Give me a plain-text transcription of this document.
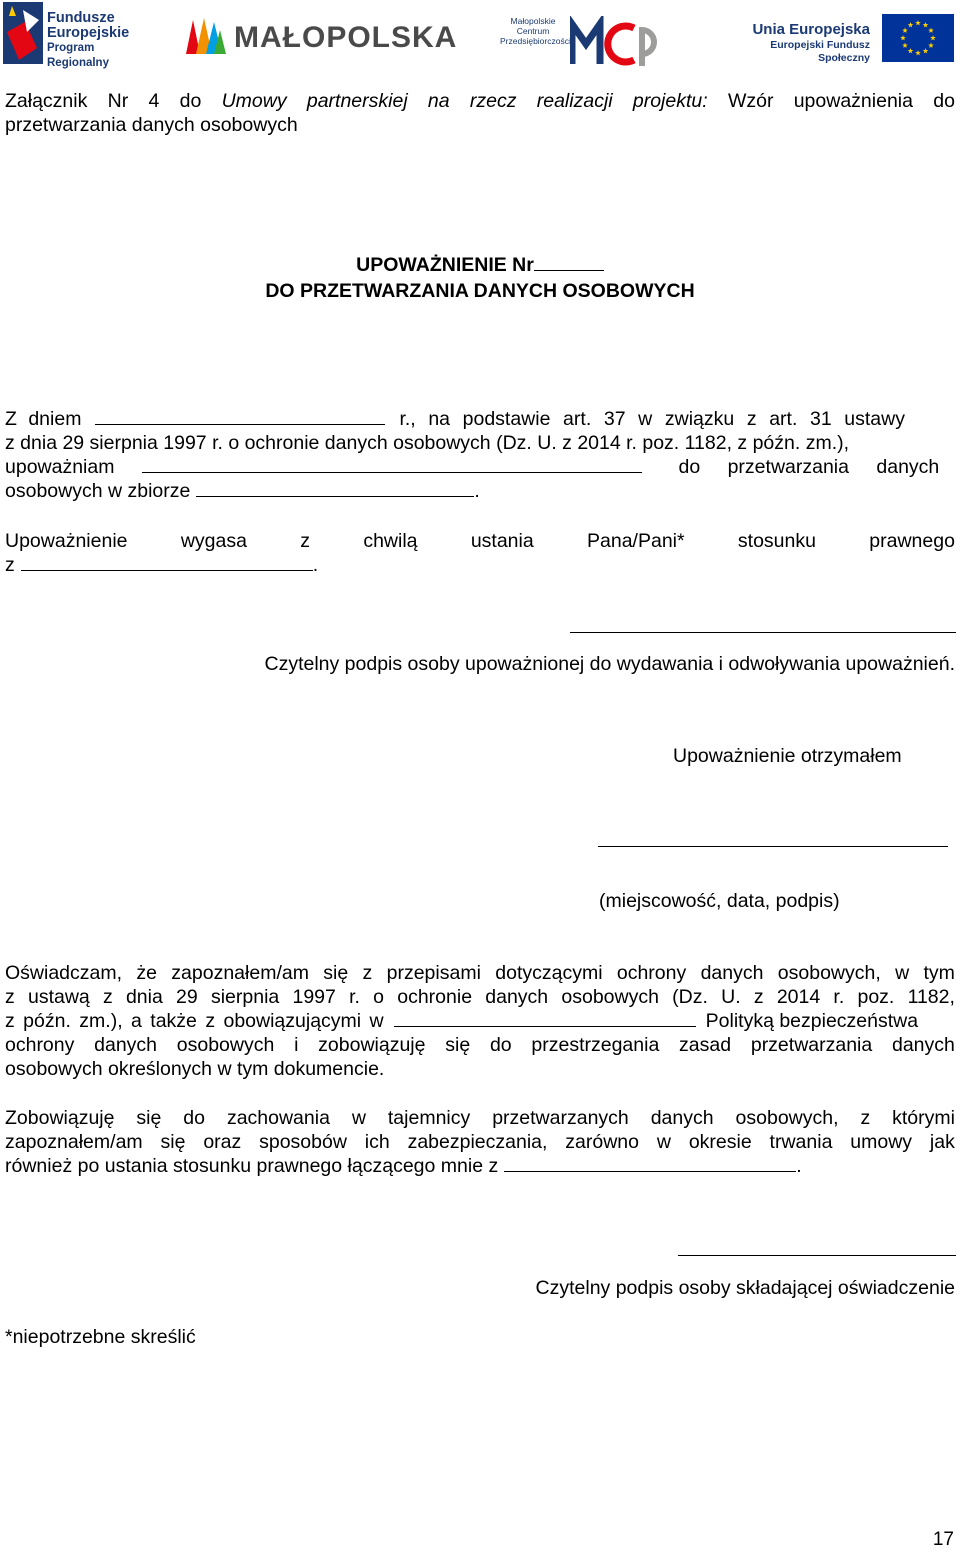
Fundusze
Europejskie
Program Regionalny
MAŁOPOLSKA	Małopolskie
Centrum
Przedsiębiorczości
Unia Europejska
Europejski Fundusz Społeczny
Załącznik Nr 4 do Umowy partnerskiej na rzecz realizacji projektu: Wzór upoważnienia do
przetwarzania danych osobowych
UPOWAŻNIENIE Nr
DO PRZETWARZANIA DANYCH OSOBOWYCH
Z dniem	r., na podstawie art. 37 w związku z art. 31 ustawy
z dnia 29 sierpnia 1997 r. o ochronie danych osobowych (Dz. U. z 2014 r. poz. 1182, z późn. zm.),
upoważniam	do przetwarzania danych
osobowych w zbiorze	.
Upoważnienie	wygasa	z	chwilą	ustania	Pana/Pani*	stosunku	prawnego
z	.
Czytelny podpis osoby upoważnionej do wydawania i odwoływania upoważnień.
Upoważnienie otrzymałem
(miejscowość, data, podpis)
Oświadczam, że zapoznałem/am się z przepisami dotyczącymi ochrony danych osobowych, w tym
z ustawą z dnia 29 sierpnia 1997 r. o ochronie danych osobowych (Dz. U. z 2014 r. poz. 1182,
z późn. zm.), a także z obowiązującymi w	Polityką bezpieczeństwa
ochrony danych osobowych i zobowiązuję się do przestrzegania zasad przetwarzania danych
osobowych określonych w tym dokumencie.
Zobowiązuję się do zachowania w tajemnicy przetwarzanych danych osobowych, z którymi
zapoznałem/am się oraz sposobów ich zabezpieczania, zarówno w okresie trwania umowy jak
również po ustania stosunku prawnego łączącego mnie z	.
Czytelny podpis osoby składającej oświadczenie
*niepotrzebne skreślić
17
